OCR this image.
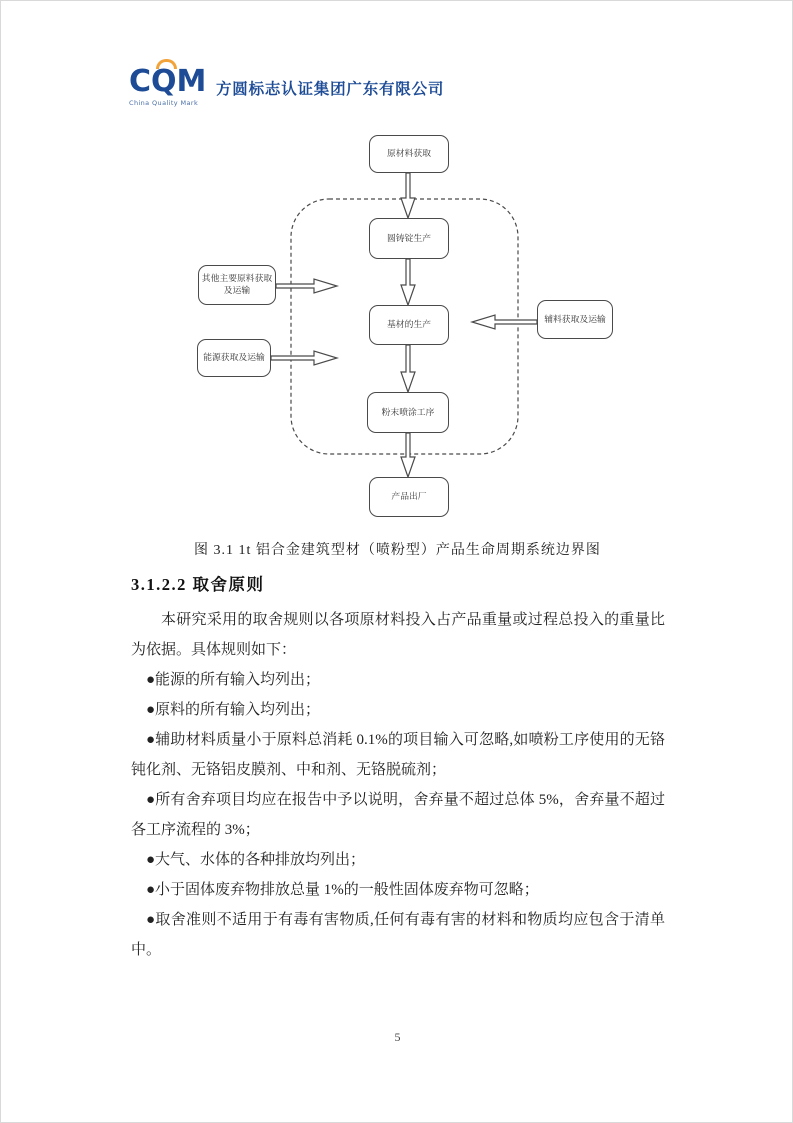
CQM
China Quality Mark
方圆标志认证集团广东有限公司
原材料获取
圆铸锭生产
基材的生产
粉末喷涂工序
产品出厂
其他主要原料获取及运输
能源获取及运输
辅料获取及运输
图 3.1 1t 铝合金建筑型材（喷粉型）产品生命周期系统边界图
3.1.2.2 取舍原则

本研究采用的取舍规则以各项原材料投入占产品重量或过程总投入的重量比为依据。具体规则如下：

●能源的所有输入均列出；

●原料的所有输入均列出；

●辅助材料质量小于原料总消耗 0.1%的项目输入可忽略,如喷粉工序使用的无铬钝化剂、无铬铝皮膜剂、中和剂、无铬脱硫剂；

●所有舍弃项目均应在报告中予以说明，舍弃量不超过总体 5%，舍弃量不超过各工序流程的 3%；

●大气、水体的各种排放均列出；

●小于固体废弃物排放总量 1%的一般性固体废弃物可忽略；

●取舍准则不适用于有毒有害物质,任何有毒有害的材料和物质均应包含于清单中。

5
